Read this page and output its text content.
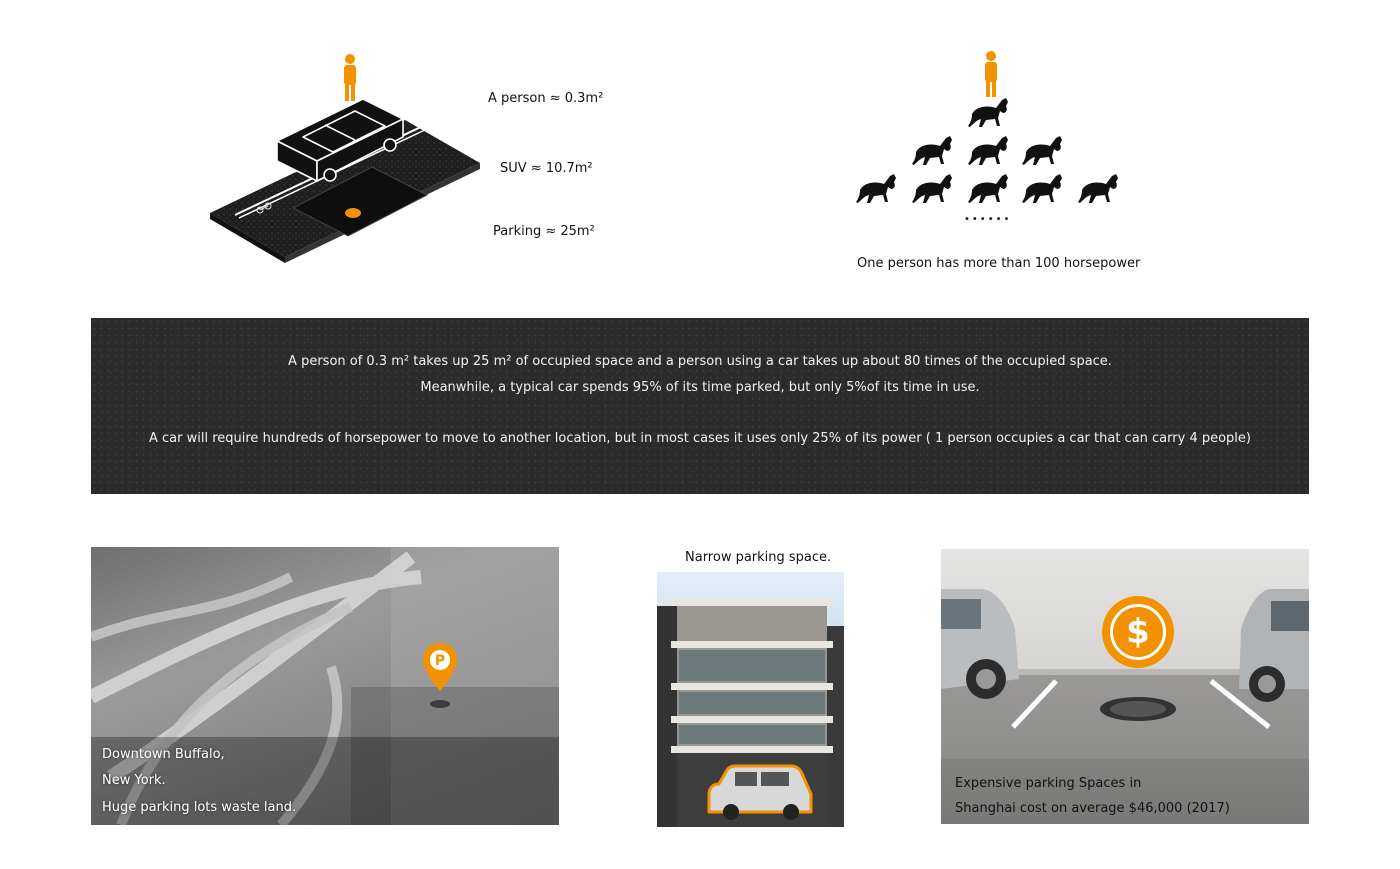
A person ≈ 0.3m²
SUV ≈ 10.7m²
Parking ≈ 25m²
••••••
One person has more than 100 horsepower

A person of 0.3 m² takes up 25 m² of occupied space and a person using a car takes up about 80 times of the occupied space.

Meanwhile, a typical car spends 95% of its time parked, but only 5%of its time in use.

A car will require hundreds of horsepower to move to another location, but in most cases it uses only 25% of its power ( 1 person occupies a car that can carry 4 people)

P
Downtown Buffalo,
New York.
Huge parking lots waste land.
Narrow parking space.
$
Expensive parking Spaces in
Shanghai cost on average $46,000 (2017)
